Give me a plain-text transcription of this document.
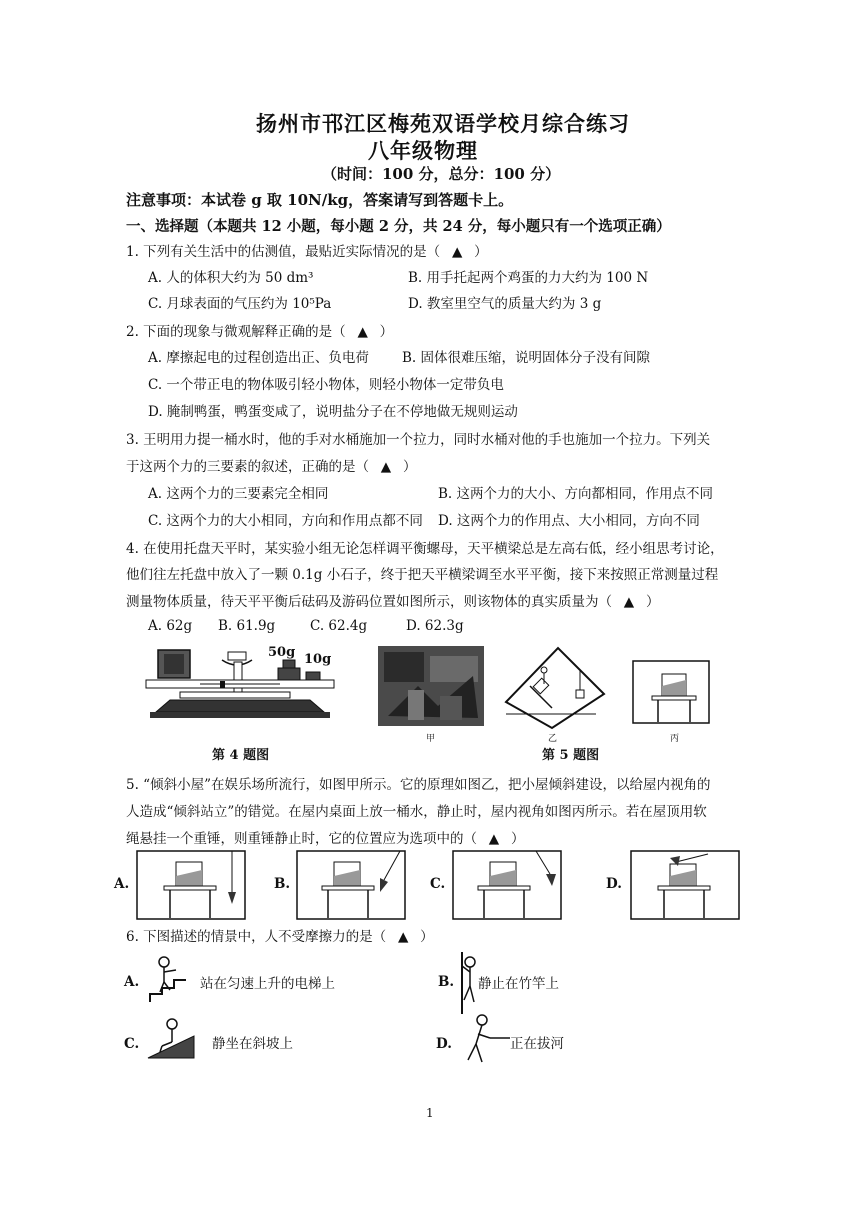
扬州市邗江区梅苑双语学校月综合练习
八年级物理
（时间：100 分，总分：100 分）
注意事项：本试卷 g 取 10N/kg，答案请写到答题卡上。
一、选择题（本题共 12 小题，每小题 2 分，共 24 分，每小题只有一个选项正确）
1. 下列有关生活中的估测值，最贴近实际情况的是（ ▲ ）
A. 人的体积大约为 50 dm³	B. 用手托起两个鸡蛋的力大约为 100 N
C. 月球表面的气压约为 10⁵Pa	D. 教室里空气的质量大约为 3 g
2. 下面的现象与微观解释正确的是（ ▲ ）
A. 摩擦起电的过程创造出正、负电荷 B. 固体很难压缩，说明固体分子没有间隙
C. 一个带正电的物体吸引轻小物体，则轻小物体一定带负电
D. 腌制鸭蛋，鸭蛋变咸了，说明盐分子在不停地做无规则运动
3. 王明用力提一桶水时，他的手对水桶施加一个拉力，同时水桶对他的手也施加一个拉力。下列关
于这两个力的三要素的叙述，正确的是（ ▲ ）
A. 这两个力的三要素完全相同	B. 这两个力的大小、方向都相同，作用点不同
C. 这两个力的大小相同，方向和作用点都不同 D. 这两个力的作用点、大小相同，方向不同
4. 在使用托盘天平时，某实验小组无论怎样调平衡螺母，天平横梁总是左高右低，经小组思考讨论，
他们往左托盘中放入了一颗 0.1g 小石子，终于把天平横梁调至水平平衡，接下来按照正常测量过程
测量物体质量，待天平平衡后砝码及游码位置如图所示，则该物体的真实质量为（ ▲ ）
A. 62g B. 61.9g	C. 62.4g	D. 62.3g
50g 10g
甲	乙	丙
第 4 题图	第 5 题图
5. “倾斜小屋”在娱乐场所流行，如图甲所示。它的原理如图乙，把小屋倾斜建设，以给屋内视角的
人造成“倾斜站立”的错觉。在屋内桌面上放一桶水，静止时，屋内视角如图丙所示。若在屋顶用软
绳悬挂一个重锤，则重锤静止时，它的位置应为选项中的（ ▲ ）
A.	B.	C.	D.
6. 下图描述的情景中，人不受摩擦力的是（ ▲ ）
A.	站在匀速上升的电梯上	B. 静止在竹竿上
C.	静坐在斜坡上	D.	正在拔河
1
